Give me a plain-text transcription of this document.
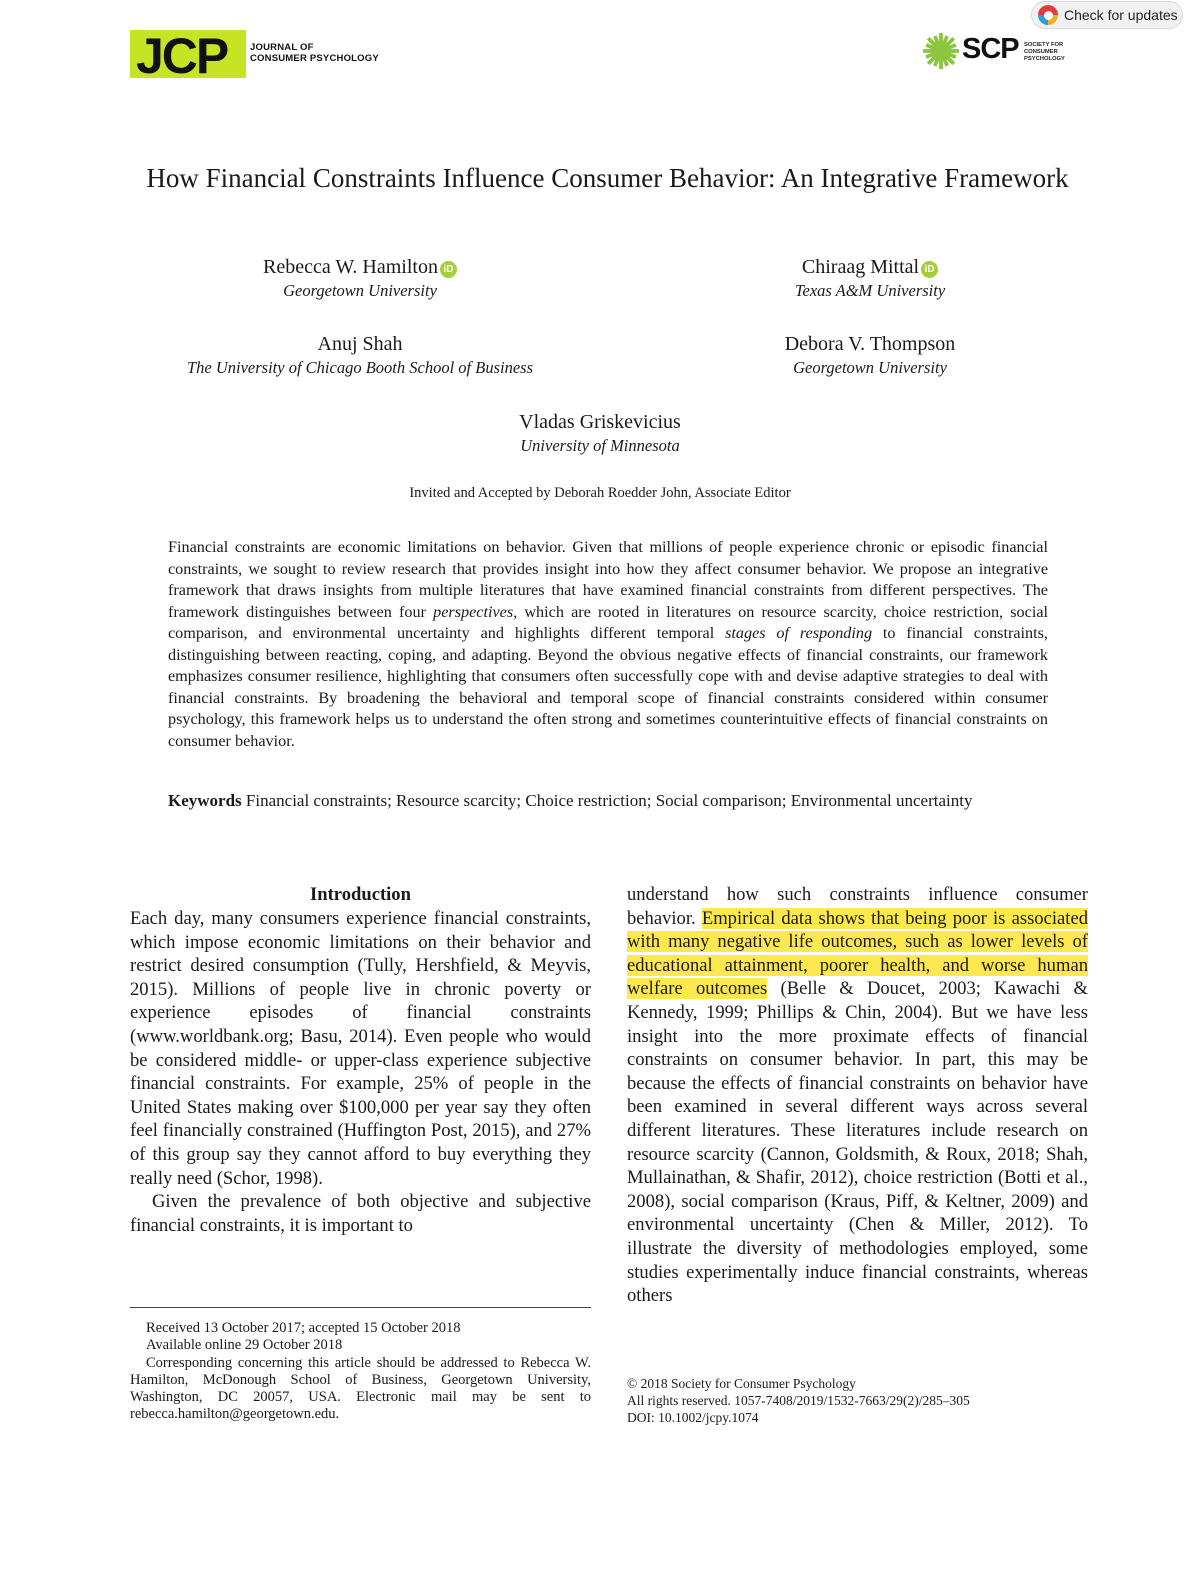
JCP JOURNAL OF
CONSUMER PSYCHOLOGY	SCP SOCIETY FOR
CONSUMER
PSYCHOLOGY
Check for updates
How Financial Constraints Influence Consumer Behavior: An Integrative Framework
Rebecca W. Hamilton iD
Georgetown University
Chiraag Mittal iD
Texas A&M University
Anuj Shah
The University of Chicago Booth School of Business
Debora V. Thompson
Georgetown University
Vladas Griskevicius
University of Minnesota
Invited and Accepted by Deborah Roedder John, Associate Editor
Financial constraints are economic limitations on behavior. Given that millions of people experience chronic or episodic financial constraints, we sought to review research that provides insight into how they affect consumer behavior. We propose an integrative framework that draws insights from multiple literatures that have examined financial constraints from different perspectives. The framework distinguishes between four perspectives, which are rooted in literatures on resource scarcity, choice restriction, social comparison, and environmental uncertainty and highlights different temporal stages of responding to financial constraints, distinguishing between reacting, coping, and adapting. Beyond the obvious negative effects of financial constraints, our framework emphasizes consumer resilience, highlighting that consumers often successfully cope with and devise adaptive strategies to deal with financial constraints. By broadening the behavioral and temporal scope of financial constraints considered within consumer psychology, this framework helps us to understand the often strong and sometimes counterintuitive effects of financial constraints on consumer behavior.
Keywords Financial constraints; Resource scarcity; Choice restriction; Social comparison; Environmental uncertainty
Introduction

Each day, many consumers experience financial constraints, which impose economic limitations on their behavior and restrict desired consumption (Tully, Hershfield, & Meyvis, 2015). Millions of people live in chronic poverty or experience episodes of financial constraints (www.worldbank.org; Basu, 2014). Even people who would be considered middle- or upper-class experience subjective financial constraints. For example, 25% of people in the United States making over $100,000 per year say they often feel financially constrained (Huffington Post, 2015), and 27% of this group say they cannot afford to buy everything they really need (Schor, 1998).

Given the prevalence of both objective and subjective financial constraints, it is important to

Received 13 October 2017; accepted 15 October 2018
Available online 29 October 2018
Corresponding concerning this article should be addressed to Rebecca W. Hamilton, McDonough School of Business, Georgetown University, Washington, DC 20057, USA. Electronic mail may be sent to rebecca.hamilton@georgetown.edu.

understand how such constraints influence consumer behavior. Empirical data shows that being poor is associated with many negative life outcomes, such as lower levels of educational attainment, poorer health, and worse human welfare outcomes (Belle & Doucet, 2003; Kawachi & Kennedy, 1999; Phillips & Chin, 2004). But we have less insight into the more proximate effects of financial constraints on consumer behavior. In part, this may be because the effects of financial constraints on behavior have been examined in several different ways across several different literatures. These literatures include research on resource scarcity (Cannon, Goldsmith, & Roux, 2018; Shah, Mullainathan, & Shafir, 2012), choice restriction (Botti et al., 2008), social comparison (Kraus, Piff, & Keltner, 2009) and environmental uncertainty (Chen & Miller, 2012). To illustrate the diversity of methodologies employed, some studies experimentally induce financial constraints, whereas others

© 2018 Society for Consumer Psychology
All rights reserved. 1057-7408/2019/1532-7663/29(2)/285–305
DOI: 10.1002/jcpy.1074
